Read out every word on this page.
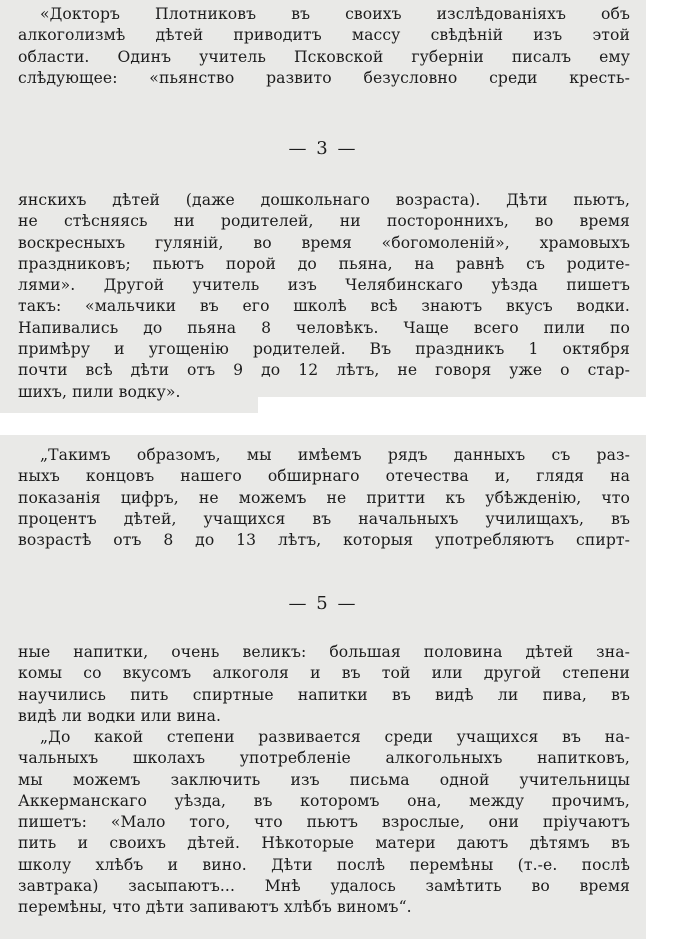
«Докторъ Плотниковъ въ своихъ изслѣдованіяхъ объ
алкоголизмѣ дѣтей приводитъ массу свѣдѣній изъ этой
области. Одинъ учитель Псковской губерніи писалъ ему
слѣдующее: «пьянство развито безусловно среди кресть-
— 3 —
янскихъ дѣтей (даже дошкольнаго возраста). Дѣти пьютъ,
не стѣсняясь ни родителей, ни постороннихъ, во время
воскресныхъ гуляній, во время «богомоленій», храмовыхъ
праздниковъ; пьютъ порой до пьяна, на равнѣ съ родите-
лями». Другой учитель изъ Челябинскаго уѣзда пишетъ
такъ: «мальчики въ его школѣ всѣ знаютъ вкусъ водки.
Напивались до пьяна 8 человѣкъ. Чаще всего пили по
примѣру и угощенію родителей. Въ праздникъ 1 октября
почти всѣ дѣти отъ 9 до 12 лѣтъ, не говоря уже о стар-
шихъ, пили водку».
„Такимъ образомъ, мы имѣемъ рядъ данныхъ съ раз-
ныхъ концовъ нашего обширнаго отечества и, глядя на
показанія цифръ, не можемъ не притти къ убѣжденію, что
процентъ дѣтей, учащихся въ начальныхъ училищахъ, въ
возрастѣ отъ 8 до 13 лѣтъ, которыя употребляютъ спирт-
— 5 —
ные напитки, очень великъ: большая половина дѣтей зна-
комы со вкусомъ алкоголя и въ той или другой степени
научились пить спиртные напитки въ видѣ ли пива, въ
видѣ ли водки или вина.
„До какой степени развивается среди учащихся въ на-
чальныхъ школахъ употребленіе алкогольныхъ напитковъ,
мы можемъ заключить изъ письма одной учительницы
Аккерманскаго уѣзда, въ которомъ она, между прочимъ,
пишетъ: «Мало того, что пьютъ взрослые, они пріучаютъ
пить и своихъ дѣтей. Нѣкоторые матери даютъ дѣтямъ въ
школу хлѣбъ и вино. Дѣти послѣ перемѣны (т.-е. послѣ
завтрака) засыпаютъ... Мнѣ удалось замѣтить во время
перемѣны, что дѣти запиваютъ хлѣбъ виномъ“.
